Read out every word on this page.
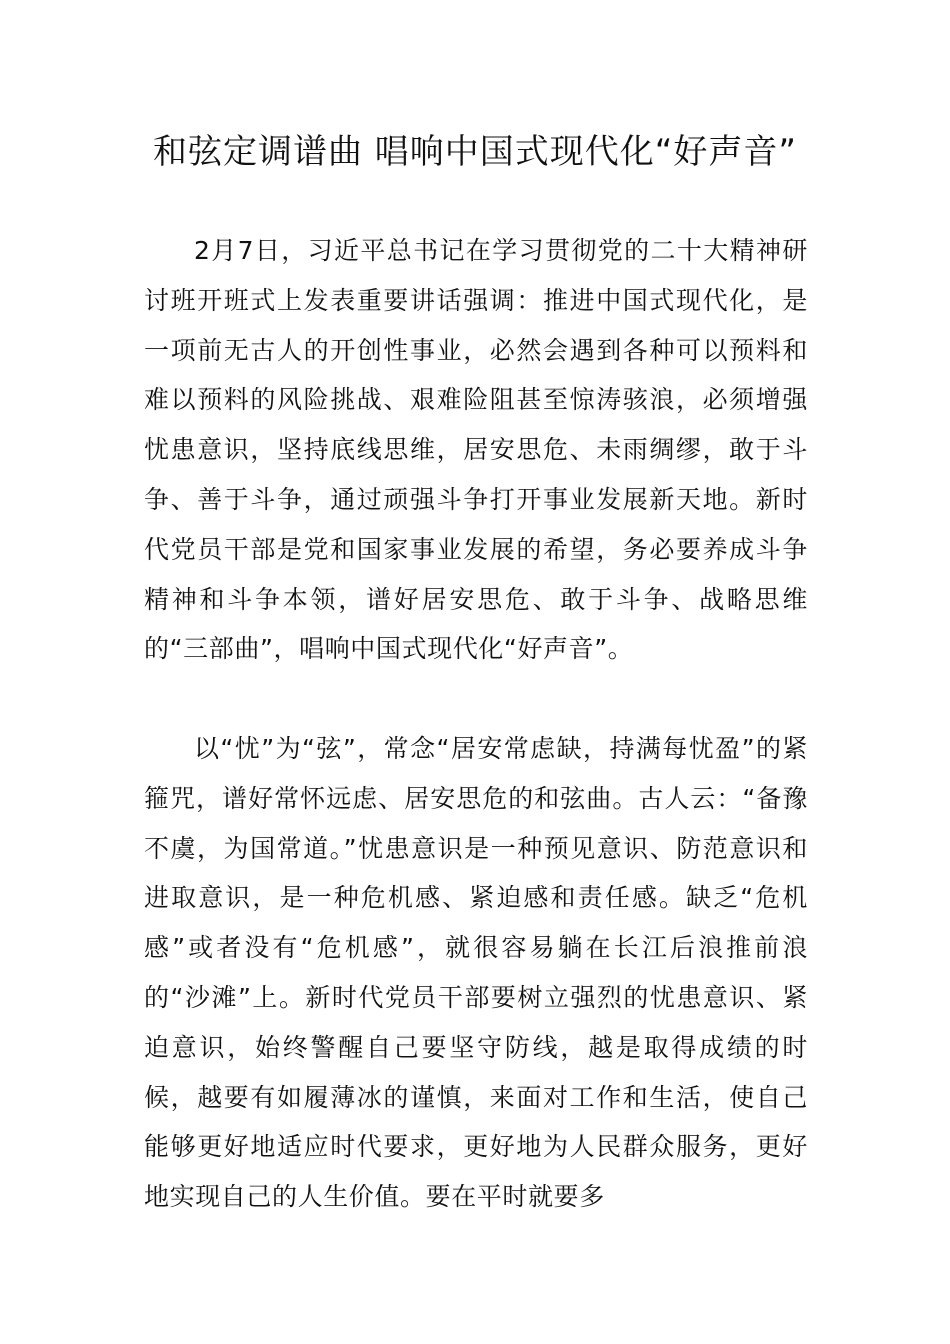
和弦定调谱曲 唱响中国式现代化“好声音”

2月7日，习近平总书记在学习贯彻党的二十大精神研讨班开班式上发表重要讲话强调：推进中国式现代化，是一项前无古人的开创性事业，必然会遇到各种可以预料和难以预料的风险挑战、艰难险阻甚至惊涛骇浪，必须增强忧患意识，坚持底线思维，居安思危、未雨绸缪，敢于斗争、善于斗争，通过顽强斗争打开事业发展新天地。新时代党员干部是党和国家事业发展的希望，务必要养成斗争精神和斗争本领，谱好居安思危、敢于斗争、战略思维的“三部曲”，唱响中国式现代化“好声音”。

以“忧”为“弦”，常念“居安常虑缺，持满每忧盈”的紧箍咒，谱好常怀远虑、居安思危的和弦曲。古人云：“备豫不虞，为国常道。”忧患意识是一种预见意识、防范意识和进取意识，是一种危机感、紧迫感和责任感。缺乏“危机感”或者没有“危机感”，就很容易躺在长江后浪推前浪的“沙滩”上。新时代党员干部要树立强烈的忧患意识、紧迫意识，始终警醒自己要坚守防线，越是取得成绩的时候，越要有如履薄冰的谨慎，来面对工作和生活，使自己能够更好地适应时代要求，更好地为人民群众服务，更好地实现自己的人生价值。要在平时就要多
